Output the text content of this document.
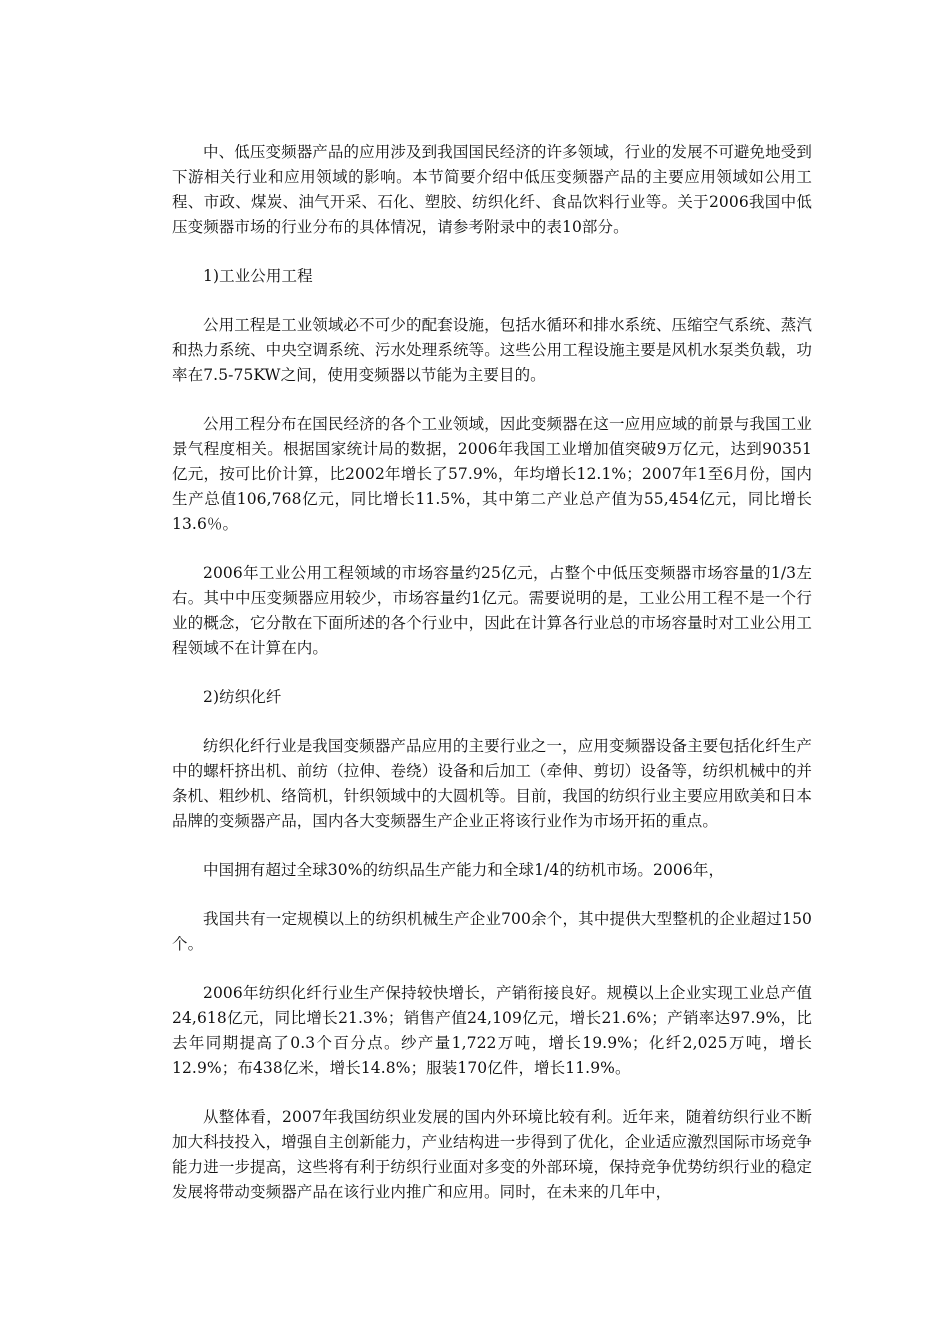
中、低压变频器产品的应用涉及到我国国民经济的许多领域，行业的发展不可避免地受到下游相关行业和应用领域的影响。本节简要介绍中低压变频器产品的主要应用领域如公用工程、市政、煤炭、油气开采、石化、塑胶、纺织化纤、食品饮料行业等。关于2006我国中低压变频器市场的行业分布的具体情况，请参考附录中的表10部分。

1)工业公用工程

公用工程是工业领域必不可少的配套设施，包括水循环和排水系统、压缩空气系统、蒸汽和热力系统、中央空调系统、污水处理系统等。这些公用工程设施主要是风机水泵类负载，功率在7.5-75KW之间，使用变频器以节能为主要目的。

公用工程分布在国民经济的各个工业领域，因此变频器在这一应用应域的前景与我国工业景气程度相关。根据国家统计局的数据，2006年我国工业增加值突破9万亿元，达到90351亿元，按可比价计算，比2002年增长了57.9%，年均增长12.1%；2007年1至6月份，国内生产总值106,768亿元，同比增长11.5%，其中第二产业总产值为55,454亿元，同比增长13.6％。

2006年工业公用工程领域的市场容量约25亿元，占整个中低压变频器市场容量的1/3左右。其中中压变频器应用较少，市场容量约1亿元。需要说明的是，工业公用工程不是一个行业的概念，它分散在下面所述的各个行业中，因此在计算各行业总的市场容量时对工业公用工程领域不在计算在内。

2)纺织化纤

纺织化纤行业是我国变频器产品应用的主要行业之一，应用变频器设备主要包括化纤生产中的螺杆挤出机、前纺（拉伸、卷绕）设备和后加工（牵伸、剪切）设备等，纺织机械中的并条机、粗纱机、络筒机，针织领域中的大圆机等。目前，我国的纺织行业主要应用欧美和日本品牌的变频器产品，国内各大变频器生产企业正将该行业作为市场开拓的重点。

中国拥有超过全球30%的纺织品生产能力和全球1/4的纺机市场。2006年，

我国共有一定规模以上的纺织机械生产企业700余个，其中提供大型整机的企业超过150个。

2006年纺织化纤行业生产保持较快增长，产销衔接良好。规模以上企业实现工业总产值24,618亿元，同比增长21.3%；销售产值24,109亿元，增长21.6%；产销率达97.9%，比去年同期提高了0.3个百分点。纱产量1,722万吨，增长19.9%；化纤2,025万吨，增长12.9%；布438亿米，增长14.8%；服装170亿件，增长11.9%。

从整体看，2007年我国纺织业发展的国内外环境比较有利。近年来，随着纺织行业不断加大科技投入，增强自主创新能力，产业结构进一步得到了优化，企业适应激烈国际市场竞争能力进一步提高，这些将有利于纺织行业面对多变的外部环境，保持竞争优势纺织行业的稳定发展将带动变频器产品在该行业内推广和应用。同时，在未来的几年中，
